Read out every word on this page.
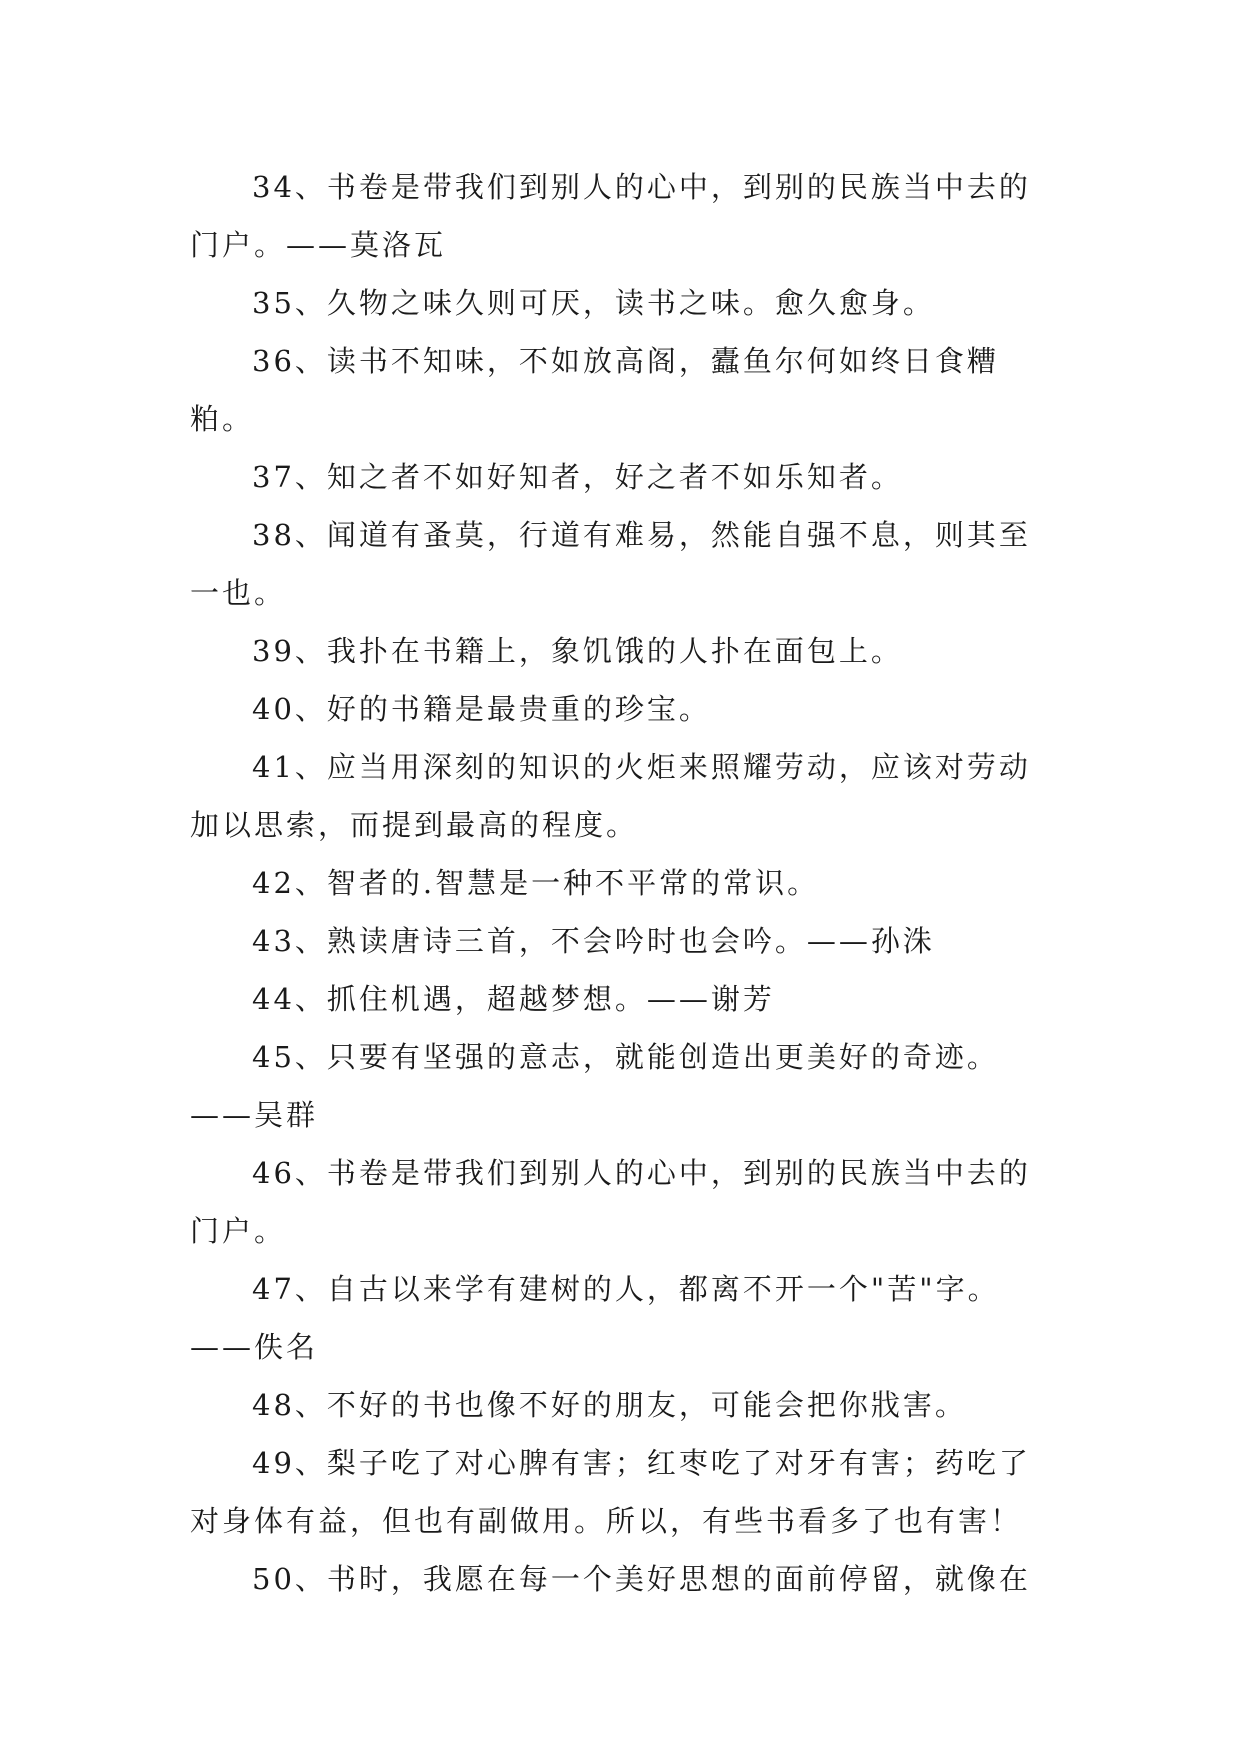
34、书卷是带我们到别人的心中，到别的民族当中去的门户。——莫洛瓦

35、久物之味久则可厌，读书之味。愈久愈身。

36、读书不知味，不如放高阁，蠹鱼尔何如终日食糟粕。

37、知之者不如好知者，好之者不如乐知者。

38、闻道有蚤莫，行道有难易，然能自强不息，则其至一也。

39、我扑在书籍上，象饥饿的人扑在面包上。

40、好的书籍是最贵重的珍宝。

41、应当用深刻的知识的火炬来照耀劳动，应该对劳动加以思索，而提到最高的程度。

42、智者的.智慧是一种不平常的常识。

43、熟读唐诗三首，不会吟时也会吟。——孙洙

44、抓住机遇，超越梦想。——谢芳

45、只要有坚强的意志，就能创造出更美好的奇迹。——吴群

46、书卷是带我们到别人的心中，到别的民族当中去的门户。

47、自古以来学有建树的人，都离不开一个"苦"字。——佚名

48、不好的书也像不好的朋友，可能会把你戕害。

49、梨子吃了对心脾有害；红枣吃了对牙有害；药吃了对身体有益，但也有副做用。所以，有些书看多了也有害！

50、书时，我愿在每一个美好思想的面前停留，就像在
